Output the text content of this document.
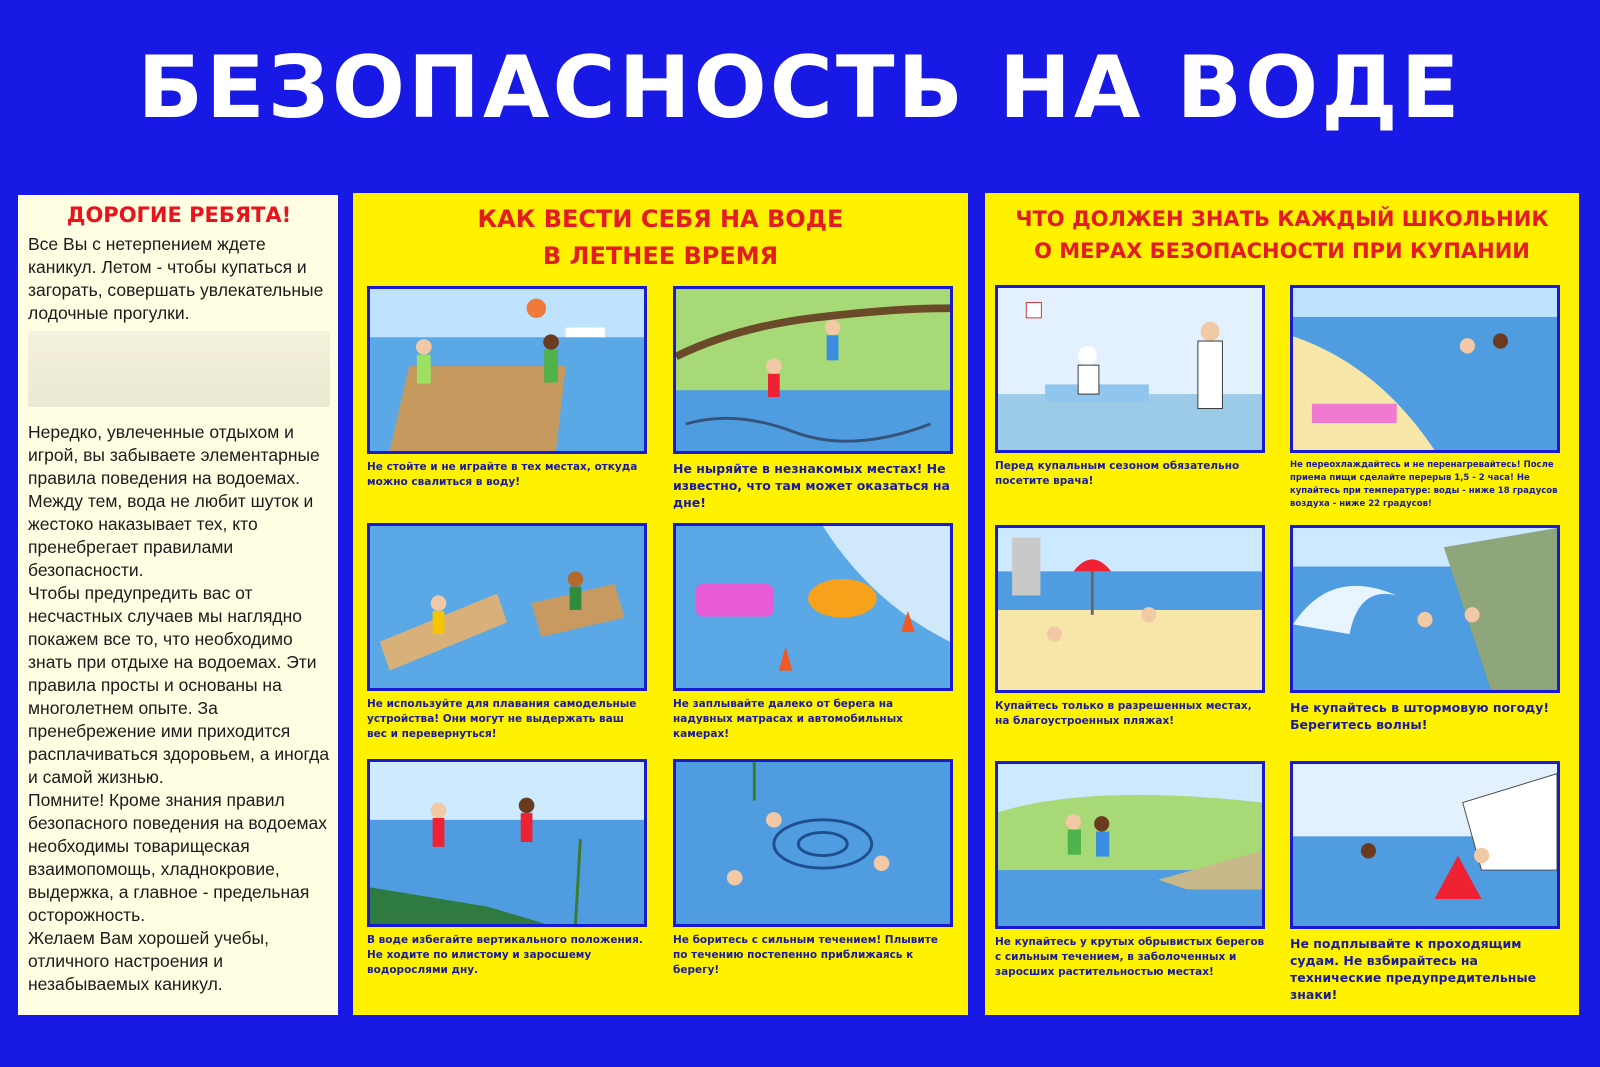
БЕЗОПАСНОСТЬ НА ВОДЕ
ДОРОГИЕ РЕБЯТА!

Все Вы с нетерпением ждете каникул. Летом - чтобы купаться и загорать, совершать увлекательные лодочные прогулки.

Нередко, увлеченные отдыхом и игрой, вы забываете элементарные правила поведения на водоемах. Между тем, вода не любит шуток и жестоко наказывает тех, кто пренебрегает правилами безопасности.

Чтобы предупредить вас от несчастных случаев мы наглядно покажем все то, что необходимо знать при отдыхе на водоемах. Эти правила просты и основаны на многолетнем опыте. За пренебрежение ими приходится расплачиваться здоровьем, а иногда и самой жизнью.

Помните! Кроме знания правил безопасного поведения на водоемах необходимы товарищеская взаимопомощь, хладнокровие, выдержка, а главное - предельная осторожность.

Желаем Вам хорошей учебы, отличного настроения и незабываемых каникул.

КАК ВЕСТИ СЕБЯ НА ВОДЕ
В ЛЕТНЕЕ ВРЕМЯ
Не стойте и не играйте в тех местах, откуда можно свалиться в воду!
Не ныряйте в незнакомых местах! Не известно, что там может оказаться на дне!
Не используйте для плавания самодельные устройства! Они могут не выдержать ваш вес и перевернуться!
Не заплывайте далеко от берега на надувных матрасах и автомобильных камерах!
В воде избегайте вертикального положения. Не ходите по илистому и заросшему водорослями дну.
Не боритесь с сильным течением! Плывите по течению постепенно приближаясь к берегу!
ЧТО ДОЛЖЕН ЗНАТЬ КАЖДЫЙ ШКОЛЬНИК
О МЕРАХ БЕЗОПАСНОСТИ ПРИ КУПАНИИ
Перед купальным сезоном обязательно посетите врача!
Не переохлаждайтесь и не перенагревайтесь! После приема пищи сделайте перерыв 1,5 - 2 часа! Не купайтесь при температуре: воды - ниже 18 градусов воздуха - ниже 22 градусов!
Купайтесь только в разрешенных местах, на благоустроенных пляжах!
Не купайтесь в штормовую погоду! Берегитесь волны!
Не купайтесь у крутых обрывистых берегов с сильным течением, в заболоченных и заросших растительностью местах!
Не подплывайте к проходящим судам. Не взбирайтесь на технические предупредительные знаки!
